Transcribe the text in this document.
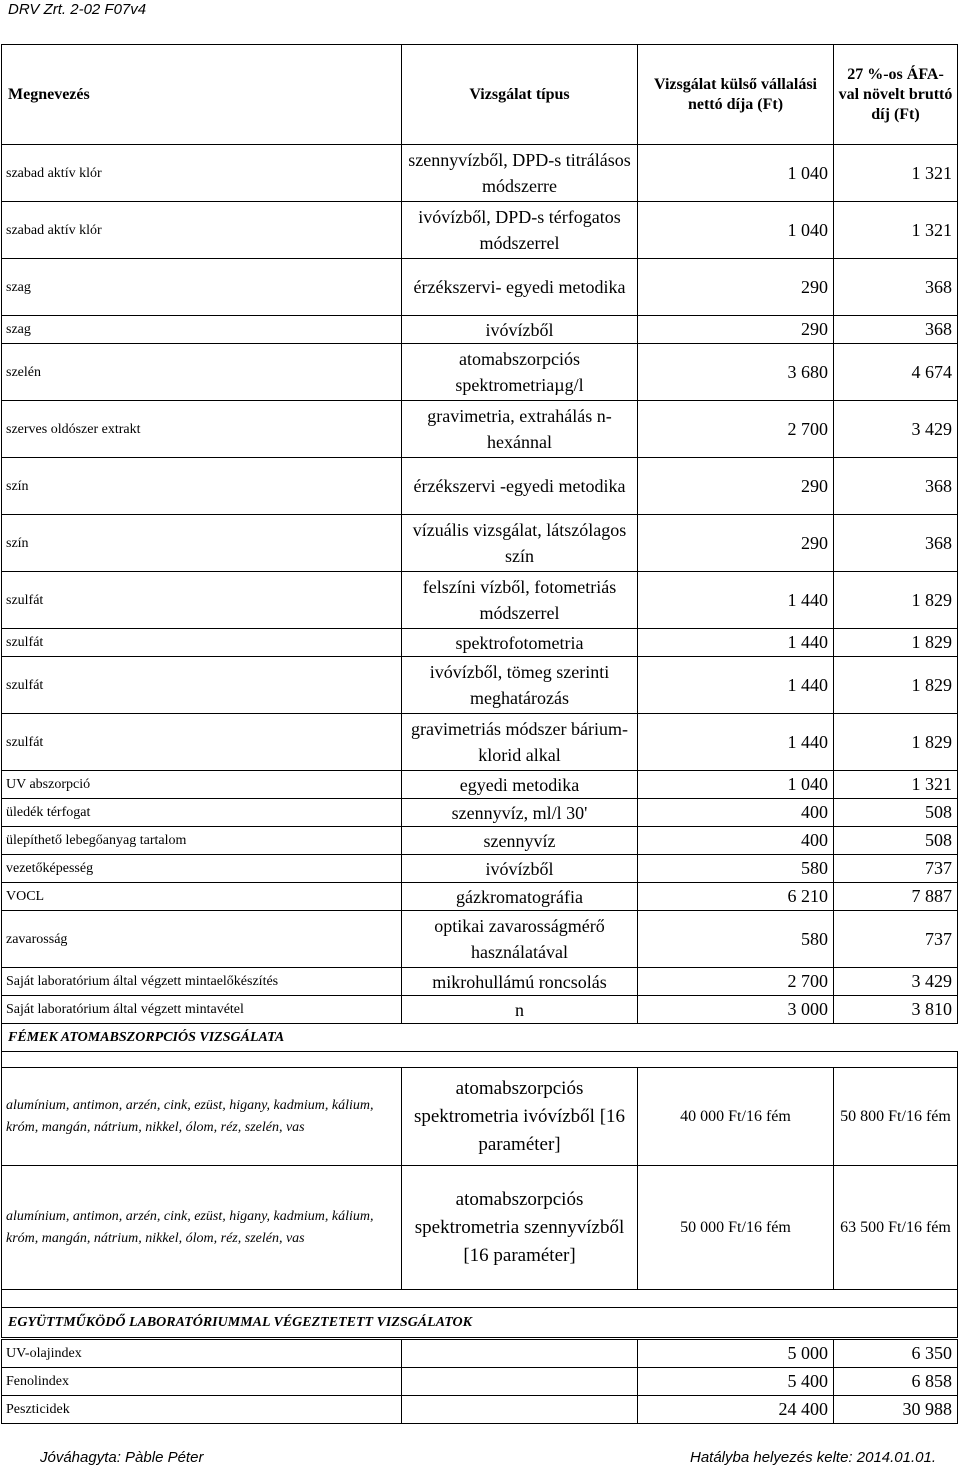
DRV Zrt. 2-02 F07v4
Megnevezés	Vizsgálat típus	Vizsgálat külső vállalási nettó díja (Ft)	27 %-os ÁFA-val növelt bruttó díj (Ft)
szabad aktív klór	szennyvízből, DPD-s titrálásos módszerre	1 040	1 321
szabad aktív klór	ivóvízből, DPD-s térfogatos módszerrel	1 040	1 321
szag	érzékszervi- egyedi metodika	290	368
szag	ivóvízből	290	368
szelén	atomabszorpciós spektrometriaµg/l	3 680	4 674
szerves oldószer extrakt	gravimetria, extrahálás n-hexánnal	2 700	3 429
szín	érzékszervi -egyedi metodika	290	368
szín	vízuális vizsgálat, látszólagos szín	290	368
szulfát	felszíni vízből, fotometriás módszerrel	1 440	1 829
szulfát	spektrofotometria	1 440	1 829
szulfát	ivóvízből, tömeg szerinti meghatározás	1 440	1 829
szulfát	gravimetriás módszer bárium-klorid alkal	1 440	1 829
UV abszorpció	egyedi metodika	1 040	1 321
üledék térfogat	szennyvíz, ml/l 30'	400	508
ülepíthető lebegőanyag tartalom	szennyvíz	400	508
vezetőképesség	ivóvízből	580	737
VOCL	gázkromatográfia	6 210	7 887
zavarosság	optikai zavarosságmérő használatával	580	737
Saját laboratórium által végzett mintaelőkészítés	mikrohullámú roncsolás	2 700	3 429
Saját laboratórium által végzett mintavétel	n	3 000	3 810
FÉMEK ATOMABSZORPCIÓS VIZSGÁLATA			

alumínium, antimon, arzén, cink, ezüst, higany, kadmium, kálium, króm, mangán, nátrium, nikkel, ólom, réz, szelén, vas	atomabszorpciós spektrometria ivóvízből [16 paraméter]	40 000 Ft/16 fém	50 800 Ft/16 fém
alumínium, antimon, arzén, cink, ezüst, higany, kadmium, kálium, króm, mangán, nátrium, nikkel, ólom, réz, szelén, vas	atomabszorpciós spektrometria szennyvízből [16 paraméter]	50 000 Ft/16 fém	63 500 Ft/16 fém

EGYÜTTMŰKÖDŐ LABORATÓRIUMMAL VÉGEZTETETT VIZSGÁLATOK			
UV-olajindex		5 000	6 350
Fenolindex		5 400	6 858
Peszticidek		24 400	30 988
Jóváhagyta: Pàble Péter	Hatályba helyezés kelte: 2014.01.01.
